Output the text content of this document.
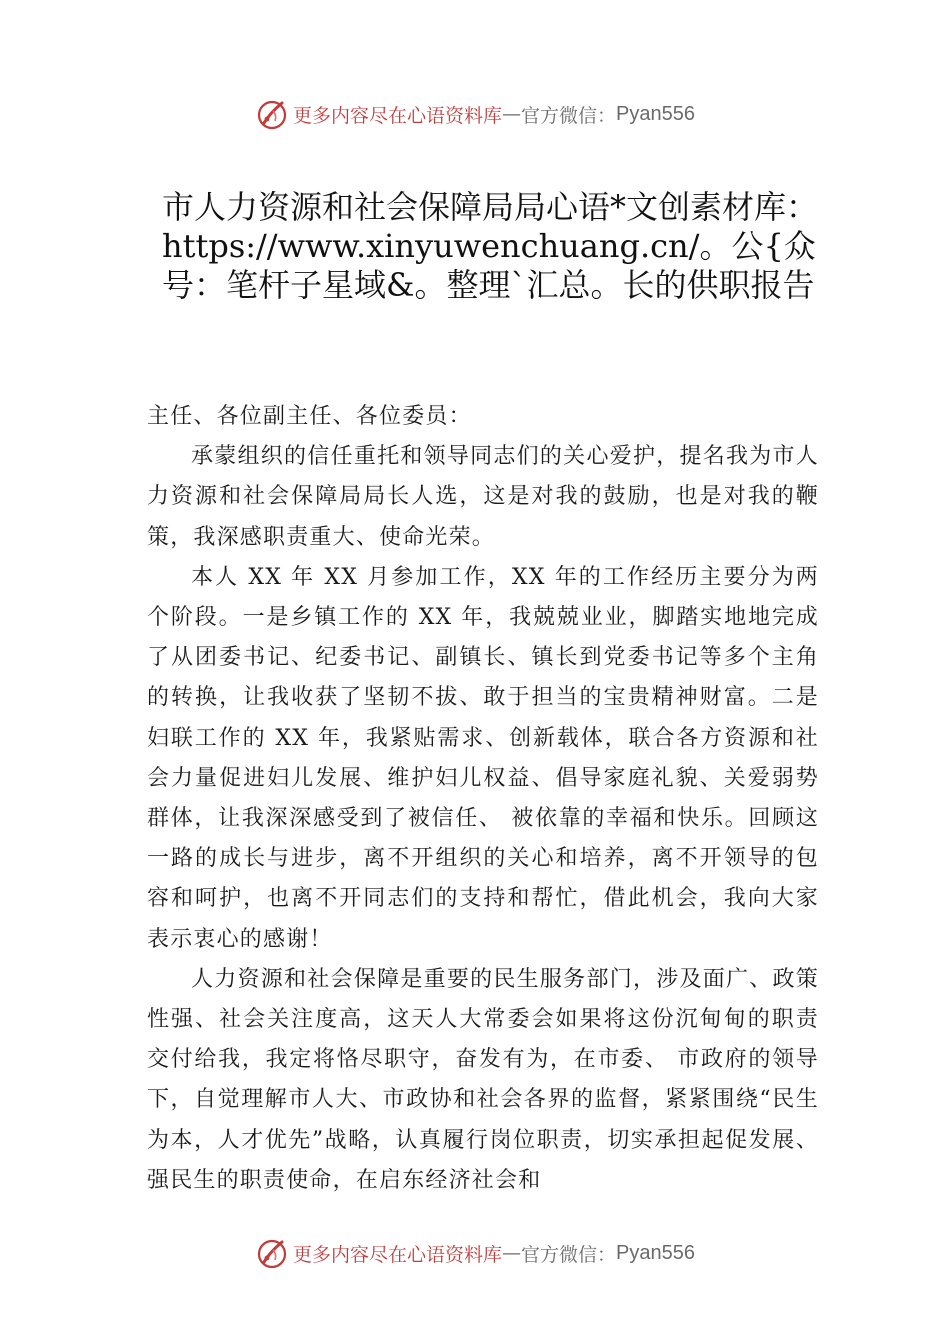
更多内容尽在心语资料库 — 官方微信： Pyan556
市人力资源和社会保障局局心语*文创素材库：https://www.xinyuwenchuang.cn/。公{众号：笔杆子星域&。整理`汇总。长的供职报告

主任、各位副主任、各位委员：

承蒙组织的信任重托和领导同志们的关心爱护，提名我为市人力资源和社会保障局局长人选，这是对我的鼓励，也是对我的鞭策，我深感职责重大、使命光荣。

本人 XX 年 XX 月参加工作，XX 年的工作经历主要分为两个阶段。一是乡镇工作的 XX 年，我兢兢业业，脚踏实地地完成了从团委书记、纪委书记、副镇长、镇长到党委书记等多个主角的转换，让我收获了坚韧不拔、敢于担当的宝贵精神财富。二是妇联工作的 XX 年，我紧贴需求、创新载体，联合各方资源和社会力量促进妇儿发展、维护妇儿权益、倡导家庭礼貌、关爱弱势群体，让我深深感受到了被信任、 被依靠的幸福和快乐。回顾这一路的成长与进步，离不开组织的关心和培养，离不开领导的包容和呵护，也离不开同志们的支持和帮忙，借此机会，我向大家表示衷心的感谢！

人力资源和社会保障是重要的民生服务部门，涉及面广、政策性强、社会关注度高，这天人大常委会如果将这份沉甸甸的职责交付给我，我定将恪尽职守，奋发有为，在市委、 市政府的领导下，自觉理解市人大、市政协和社会各界的监督，紧紧围绕“民生为本，人才优先”战略，认真履行岗位职责，切实承担起促发展、强民生的职责使命，在启东经济社会和

更多内容尽在心语资料库 — 官方微信： Pyan556
